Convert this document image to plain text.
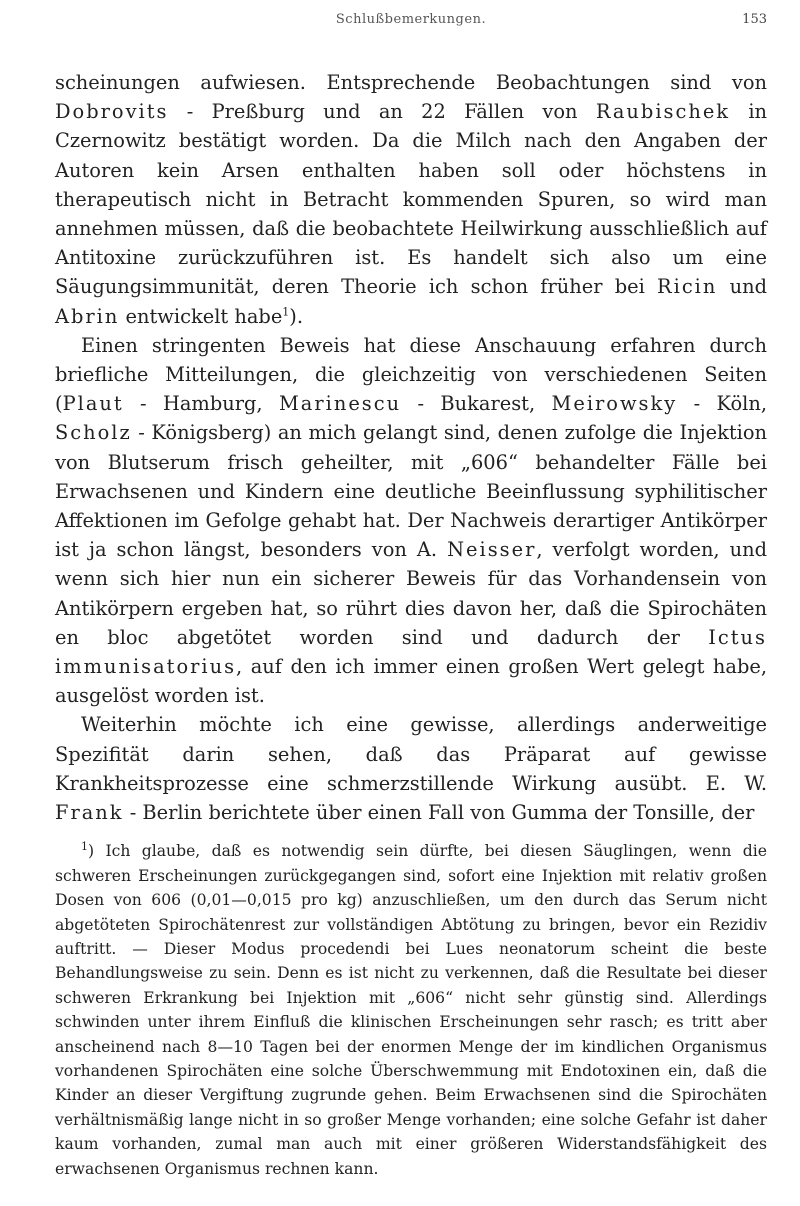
Schlußbemerkungen.	153

scheinungen aufwiesen. Entsprechende Beobachtungen sind von Dobrovits - Preßburg und an 22 Fällen von Raubischek in Czernowitz bestätigt worden. Da die Milch nach den Angaben der Autoren kein Arsen enthalten haben soll oder höchstens in therapeutisch nicht in Betracht kommenden Spuren, so wird man annehmen müssen, daß die beobachtete Heilwirkung ausschließlich auf Antitoxine zurückzuführen ist. Es handelt sich also um eine Säugungsimmunität, deren Theorie ich schon früher bei Ricin und Abrin entwickelt habe$^1$).

Einen stringenten Beweis hat diese Anschauung erfahren durch briefliche Mitteilungen, die gleichzeitig von verschiedenen Seiten (Plaut - Hamburg, Marinescu - Bukarest, Meirowsky - Köln, Scholz - Königsberg) an mich gelangt sind, denen zufolge die Injektion von Blutserum frisch geheilter, mit „606“ behandelter Fälle bei Erwachsenen und Kindern eine deutliche Beeinflussung syphilitischer Affektionen im Gefolge gehabt hat. Der Nachweis derartiger Antikörper ist ja schon längst, besonders von A. Neisser, verfolgt worden, und wenn sich hier nun ein sicherer Beweis für das Vorhandensein von Antikörpern ergeben hat, so rührt dies davon her, daß die Spirochäten en bloc abgetötet worden sind und dadurch der Ictus immunisatorius, auf den ich immer einen großen Wert gelegt habe, ausgelöst worden ist.

Weiterhin möchte ich eine gewisse, allerdings anderweitige Spezifität darin sehen, daß das Präparat auf gewisse Krankheitsprozesse eine schmerzstillende Wirkung ausübt. E. W. Frank - Berlin berichtete über einen Fall von Gumma der Tonsille, der

$^1$) Ich glaube, daß es notwendig sein dürfte, bei diesen Säuglingen, wenn die schweren Erscheinungen zurückgegangen sind, sofort eine Injektion mit relativ großen Dosen von 606 (0,01—0,015 pro kg) anzuschließen, um den durch das Serum nicht abgetöteten Spirochätenrest zur vollständigen Abtötung zu bringen, bevor ein Rezidiv auftritt. — Dieser Modus procedendi bei Lues neonatorum scheint die beste Behandlungsweise zu sein. Denn es ist nicht zu verkennen, daß die Resultate bei dieser schweren Erkrankung bei Injektion mit „606“ nicht sehr günstig sind. Allerdings schwinden unter ihrem Einfluß die klinischen Erscheinungen sehr rasch; es tritt aber anscheinend nach 8—10 Tagen bei der enormen Menge der im kindlichen Organismus vorhandenen Spirochäten eine solche Überschwemmung mit Endotoxinen ein, daß die Kinder an dieser Vergiftung zugrunde gehen. Beim Erwachsenen sind die Spirochäten verhältnismäßig lange nicht in so großer Menge vorhanden; eine solche Gefahr ist daher kaum vorhanden, zumal man auch mit einer größeren Widerstandsfähigkeit des erwachsenen Organismus rechnen kann.
